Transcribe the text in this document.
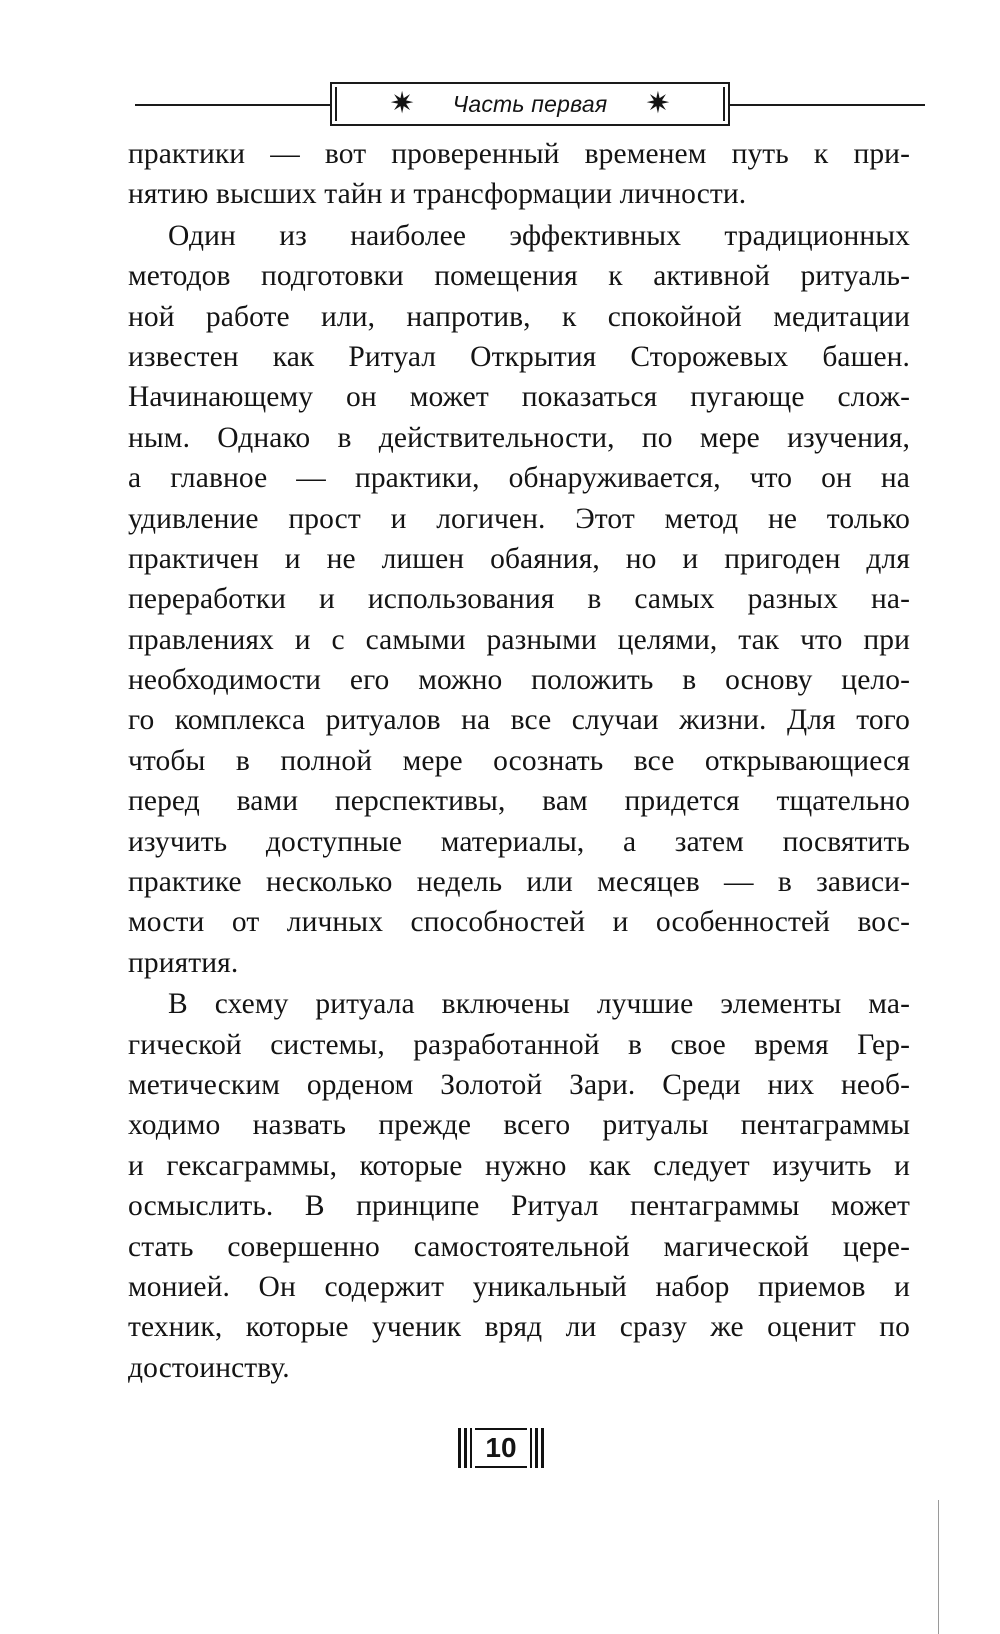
✷ Часть первая ✷
практики — вот проверенный временем путь к при-
нятию высших тайн и трансформации личности.
Один из наиболее эффективных традиционных
методов подготовки помещения к активной ритуаль-
ной работе или, напротив, к спокойной медитации
известен как Ритуал Открытия Сторожевых башен.
Начинающему он может показаться пугающе слож-
ным. Однако в действительности, по мере изучения,
а главное — практики, обнаруживается, что он на
удивление прост и логичен. Этот метод не только
практичен и не лишен обаяния, но и пригоден для
переработки и использования в самых разных на-
правлениях и с самыми разными целями, так что при
необходимости его можно положить в основу цело-
го комплекса ритуалов на все случаи жизни. Для того
чтобы в полной мере осознать все открывающиеся
перед вами перспективы, вам придется тщательно
изучить доступные материалы, а затем посвятить
практике несколько недель или месяцев — в зависи-
мости от личных способностей и особенностей вос-
приятия.
В схему ритуала включены лучшие элементы ма-
гической системы, разработанной в свое время Гер-
метическим орденом Золотой Зари. Среди них необ-
ходимо назвать прежде всего ритуалы пентаграммы
и гексаграммы, которые нужно как следует изучить и
осмыслить. В принципе Ритуал пентаграммы может
стать совершенно самостоятельной магической цере-
монией. Он содержит уникальный набор приемов и
техник, которые ученик вряд ли сразу же оценит по
достоинству.
10
